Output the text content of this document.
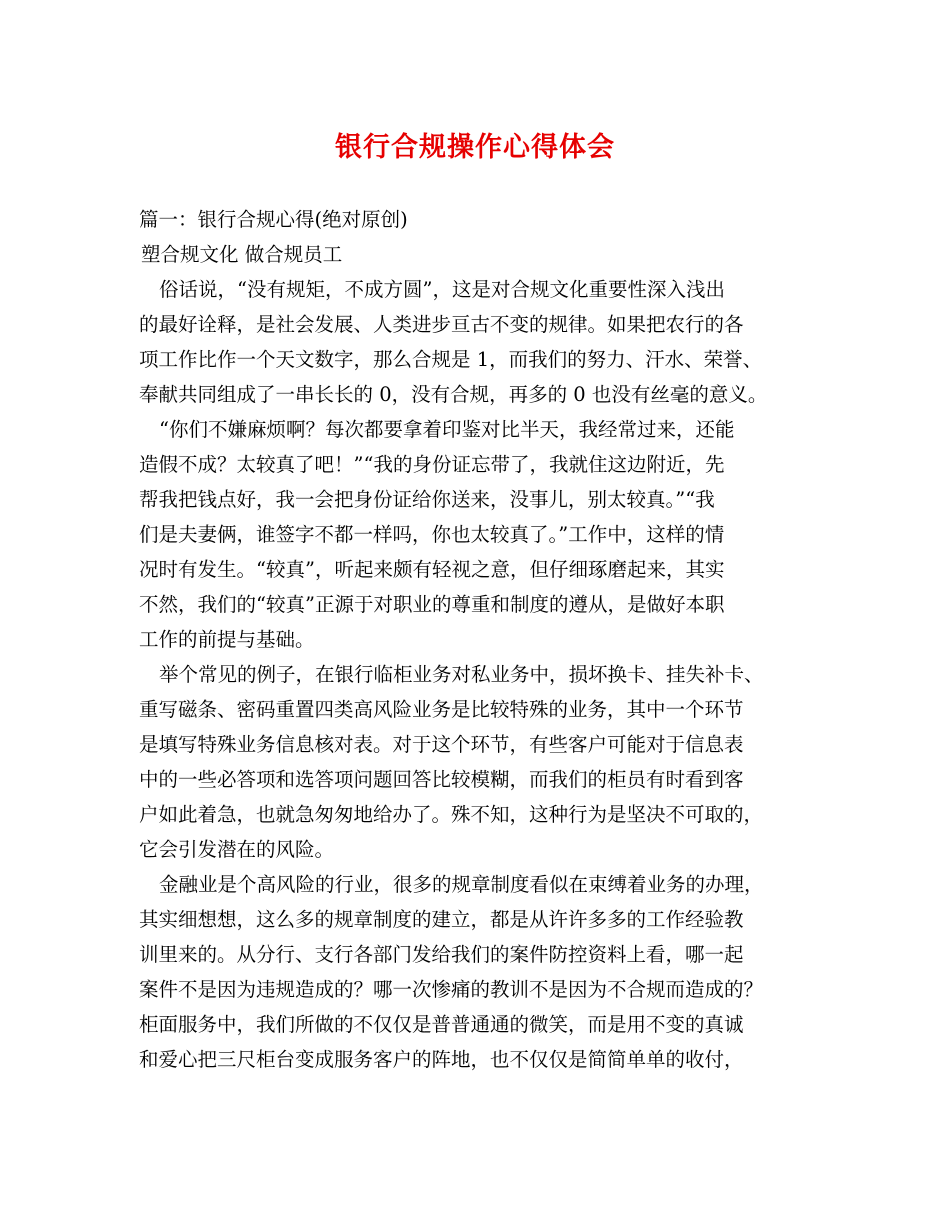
银行合规操作心得体会
篇一：银行合规心得(绝对原创)
塑合规文化 做合规员工
俗话说，“没有规矩，不成方圆”，这是对合规文化重要性深入浅出
的最好诠释，是社会发展、人类进步亘古不变的规律。如果把农行的各
项工作比作一个天文数字，那么合规是 1，而我们的努力、汗水、荣誉、
奉献共同组成了一串长长的 0，没有合规，再多的 0 也没有丝毫的意义。
“你们不嫌麻烦啊？每次都要拿着印鉴对比半天，我经常过来，还能
造假不成？太较真了吧！”“我的身份证忘带了，我就住这边附近，先
帮我把钱点好，我一会把身份证给你送来，没事儿，别太较真。”“我
们是夫妻俩，谁签字不都一样吗，你也太较真了。”工作中，这样的情
况时有发生。“较真”，听起来颇有轻视之意，但仔细琢磨起来，其实
不然，我们的“较真”正源于对职业的尊重和制度的遵从，是做好本职
工作的前提与基础。
举个常见的例子，在银行临柜业务对私业务中，损坏换卡、挂失补卡、
重写磁条、密码重置四类高风险业务是比较特殊的业务，其中一个环节
是填写特殊业务信息核对表。对于这个环节，有些客户可能对于信息表
中的一些必答项和选答项问题回答比较模糊，而我们的柜员有时看到客
户如此着急，也就急匆匆地给办了。殊不知，这种行为是坚决不可取的，
它会引发潜在的风险。
金融业是个高风险的行业，很多的规章制度看似在束缚着业务的办理，
其实细想想，这么多的规章制度的建立，都是从许许多多的工作经验教
训里来的。从分行、支行各部门发给我们的案件防控资料上看，哪一起
案件不是因为违规造成的？哪一次惨痛的教训不是因为不合规而造成的？
柜面服务中，我们所做的不仅仅是普普通通的微笑，而是用不变的真诚
和爱心把三尺柜台变成服务客户的阵地，也不仅仅是简简单单的收付，
